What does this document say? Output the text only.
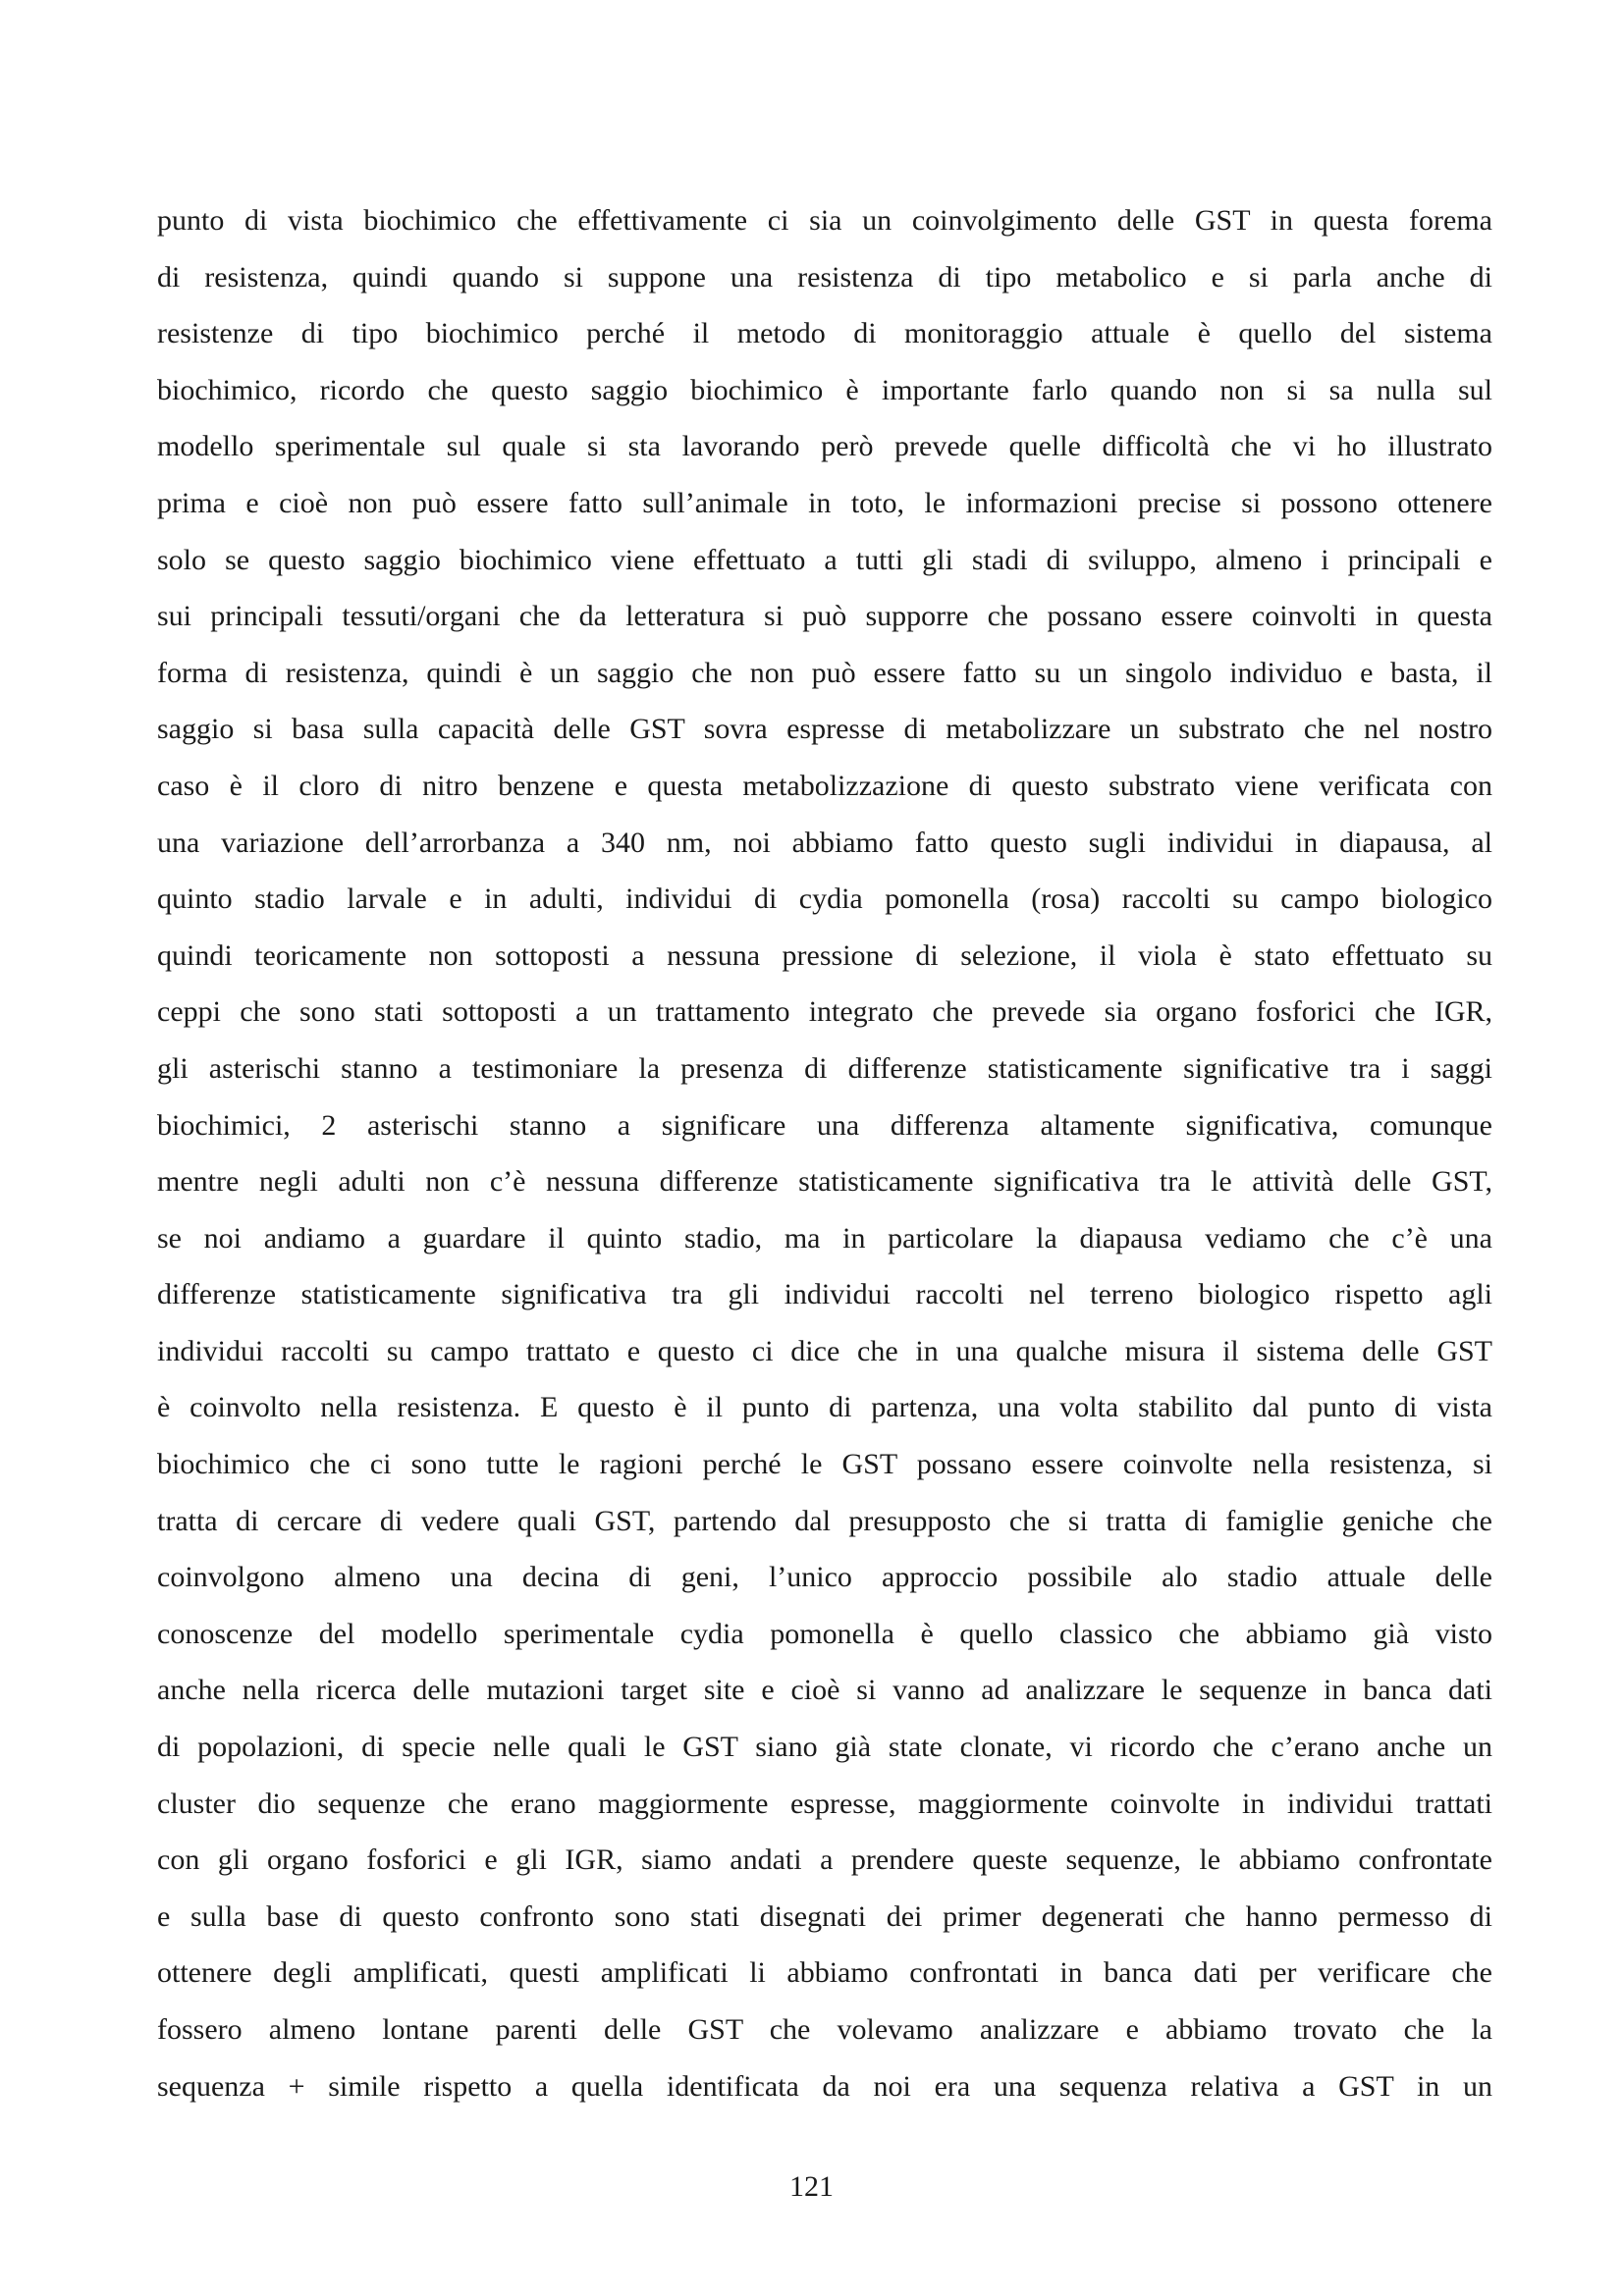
punto di vista biochimico che effettivamente ci sia un coinvolgimento delle GST in questa forema
di resistenza, quindi quando si suppone una resistenza di tipo metabolico e si parla anche di
resistenze di tipo biochimico perché il metodo di monitoraggio attuale è quello del sistema
biochimico, ricordo che questo saggio biochimico è importante farlo quando non si sa nulla sul
modello sperimentale sul quale si sta lavorando però prevede quelle difficoltà che vi ho illustrato
prima e cioè non può essere fatto sull’animale in toto, le informazioni precise si possono ottenere
solo se questo saggio biochimico viene effettuato a tutti gli stadi di sviluppo, almeno i principali e
sui principali tessuti/organi che da letteratura si può supporre che possano essere coinvolti in questa
forma di resistenza, quindi è un saggio che non può essere fatto su un singolo individuo e basta, il
saggio si basa sulla capacità delle GST sovra espresse di metabolizzare un substrato che nel nostro
caso è il cloro di nitro benzene e questa metabolizzazione di questo substrato viene verificata con
una variazione dell’arrorbanza a 340 nm, noi abbiamo fatto questo sugli individui in diapausa, al
quinto stadio larvale e in adulti, individui di cydia pomonella (rosa) raccolti su campo biologico
quindi teoricamente non sottoposti a nessuna pressione di selezione, il viola è stato effettuato su
ceppi che sono stati sottoposti a un trattamento integrato che prevede sia organo fosforici che IGR,
gli asterischi stanno a testimoniare la presenza di differenze statisticamente significative tra i saggi
biochimici, 2 asterischi stanno a significare una differenza altamente significativa, comunque
mentre negli adulti non c’è nessuna differenze statisticamente significativa tra le attività delle GST,
se noi andiamo a guardare il quinto stadio, ma in particolare la diapausa vediamo che c’è una
differenze statisticamente significativa tra gli individui raccolti nel terreno biologico rispetto agli
individui raccolti su campo trattato e questo ci dice che in una qualche misura il sistema delle GST
è coinvolto nella resistenza. E questo è il punto di partenza, una volta stabilito dal punto di vista
biochimico che ci sono tutte le ragioni perché le GST possano essere coinvolte nella resistenza, si
tratta di cercare di vedere quali GST, partendo dal presupposto che si tratta di famiglie geniche che
coinvolgono almeno una decina di geni, l’unico approccio possibile alo stadio attuale delle
conoscenze del modello sperimentale cydia pomonella è quello classico che abbiamo già visto
anche nella ricerca delle mutazioni target site e cioè si vanno ad analizzare le sequenze in banca dati
di popolazioni, di specie nelle quali le GST siano già state clonate, vi ricordo che c’erano anche un
cluster dio sequenze che erano maggiormente espresse, maggiormente coinvolte in individui trattati
con gli organo fosforici e gli IGR, siamo andati a prendere queste sequenze, le abbiamo confrontate
e sulla base di questo confronto sono stati disegnati dei primer degenerati che hanno permesso di
ottenere degli amplificati, questi amplificati li abbiamo confrontati in banca dati per verificare che
fossero almeno lontane parenti delle GST che volevamo analizzare e abbiamo trovato che la
sequenza + simile rispetto a quella identificata da noi era una sequenza relativa a GST in un
121
